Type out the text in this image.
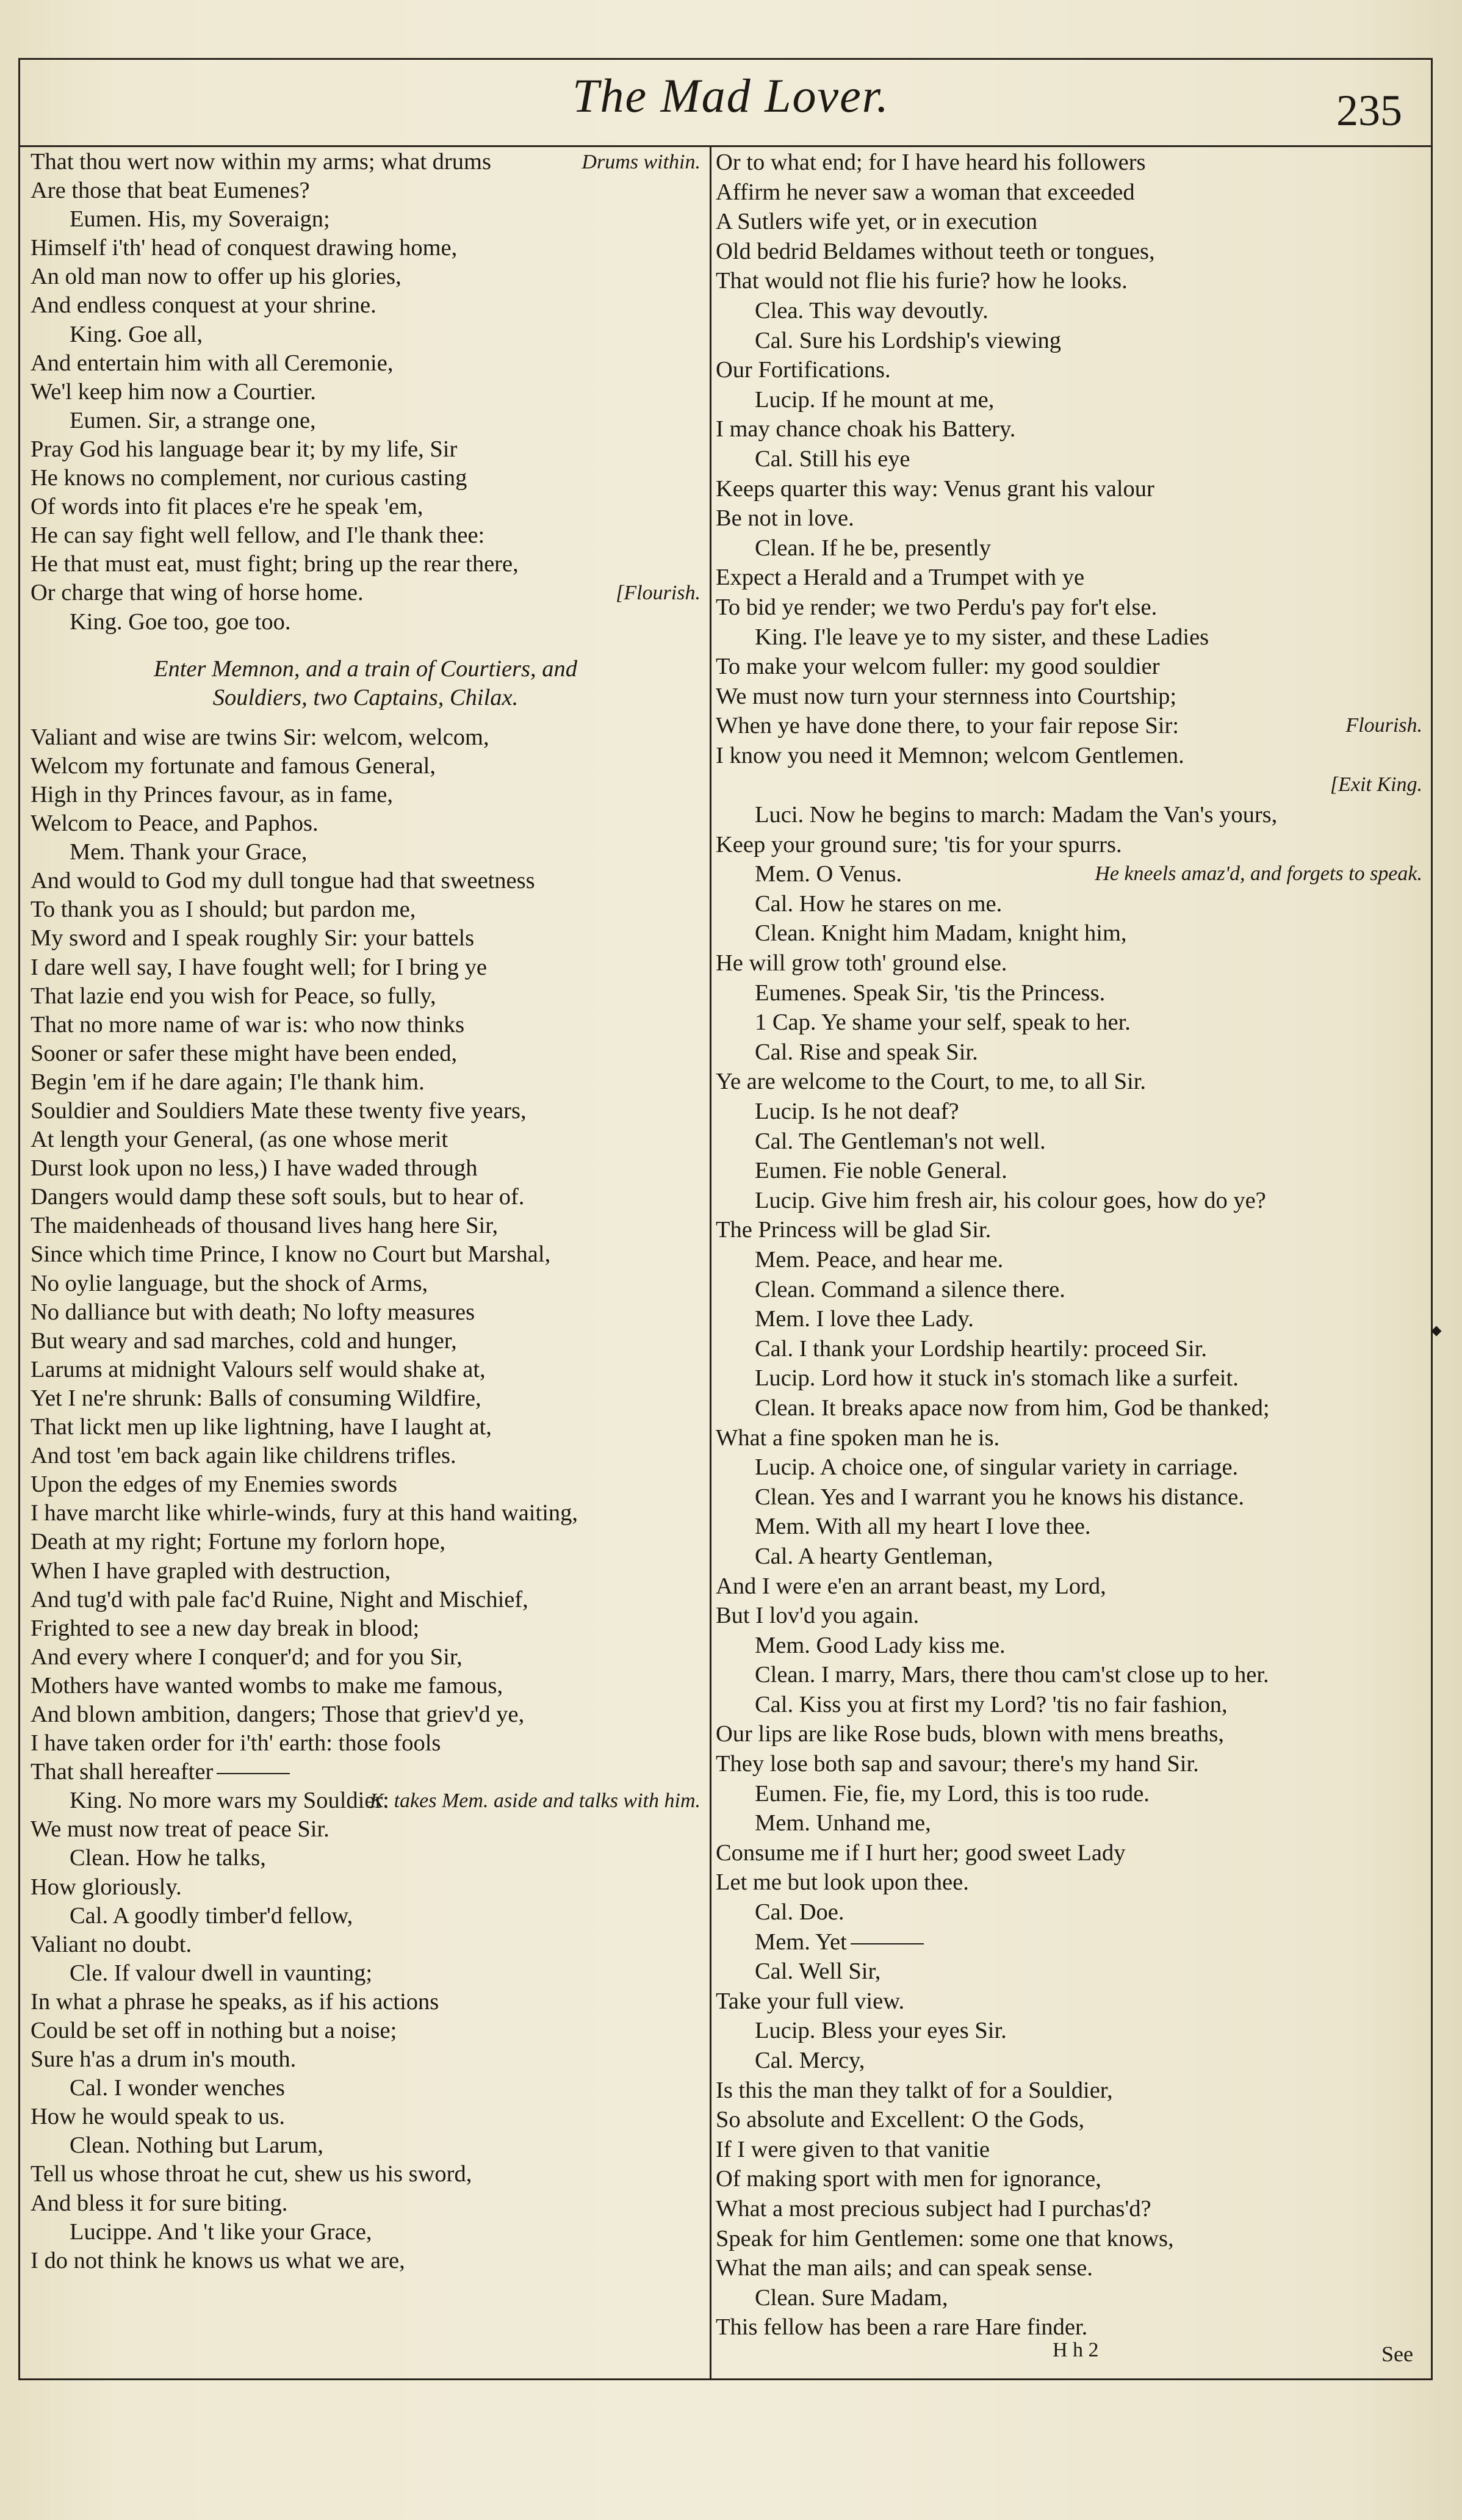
The Mad Lover.	235
That thou wert now within my arms; what drums	Drums within.
Are those that beat Eumenes?
Eumen. His, my Soveraign;
Himself i'th' head of conquest drawing home,
An old man now to offer up his glories,
And endless conquest at your shrine.
King. Goe all,
And entertain him with all Ceremonie,
We'l keep him now a Courtier.
Eumen. Sir, a strange one,
Pray God his language bear it; by my life, Sir
He knows no complement, nor curious casting
Of words into fit places e're he speak 'em,
He can say fight well fellow, and I'le thank thee:
He that must eat, must fight; bring up the rear there,
Or charge that wing of horse home.	[Flourish.
King. Goe too, goe too.
Enter Memnon, and a train of Courtiers, and
Souldiers, two Captains, Chilax.
Valiant and wise are twins Sir: welcom, welcom,
Welcom my fortunate and famous General,
High in thy Princes favour, as in fame,
Welcom to Peace, and Paphos.
Mem. Thank your Grace,
And would to God my dull tongue had that sweetness
To thank you as I should; but pardon me,
My sword and I speak roughly Sir: your battels
I dare well say, I have fought well; for I bring ye
That lazie end you wish for Peace, so fully,
That no more name of war is: who now thinks
Sooner or safer these might have been ended,
Begin 'em if he dare again; I'le thank him.
Souldier and Souldiers Mate these twenty five years,
At length your General, (as one whose merit
Durst look upon no less,) I have waded through
Dangers would damp these soft souls, but to hear of.
The maidenheads of thousand lives hang here Sir,
Since which time Prince, I know no Court but Marshal,
No oylie language, but the shock of Arms,
No dalliance but with death; No lofty measures
But weary and sad marches, cold and hunger,
Larums at midnight Valours self would shake at,
Yet I ne're shrunk: Balls of consuming Wildfire,
That lickt men up like lightning, have I laught at,
And tost 'em back again like childrens trifles.
Upon the edges of my Enemies swords
I have marcht like whirle-winds, fury at this hand waiting,
Death at my right; Fortune my forlorn hope,
When I have grapled with destruction,
And tug'd with pale fac'd Ruine, Night and Mischief,
Frighted to see a new day break in blood;
And every where I conquer'd; and for you Sir,
Mothers have wanted wombs to make me famous,
And blown ambition, dangers; Those that griev'd ye,
I have taken order for i'th' earth: those fools
That shall hereafter
King. No more wars my Souldier:
K. takes Mem. aside and talks with him.
We must now treat of peace Sir.
Clean. How he talks,
How gloriously.
Cal. A goodly timber'd fellow,
Valiant no doubt.
Cle. If valour dwell in vaunting;
In what a phrase he speaks, as if his actions
Could be set off in nothing but a noise;
Sure h'as a drum in's mouth.
Cal. I wonder wenches
How he would speak to us.
Clean. Nothing but Larum,
Tell us whose throat he cut, shew us his sword,
And bless it for sure biting.
Lucippe. And 't like your Grace,
I do not think he knows us what we are,
Or to what end; for I have heard his followers
Affirm he never saw a woman that exceeded
A Sutlers wife yet, or in execution
Old bedrid Beldames without teeth or tongues,
That would not flie his furie? how he looks.
Clea. This way devoutly.
Cal. Sure his Lordship's viewing
Our Fortifications.
Lucip. If he mount at me,
I may chance choak his Battery.
Cal. Still his eye
Keeps quarter this way: Venus grant his valour
Be not in love.
Clean. If he be, presently
Expect a Herald and a Trumpet with ye
To bid ye render; we two Perdu's pay for't else.
King. I'le leave ye to my sister, and these Ladies
To make your welcom fuller: my good souldier
We must now turn your sternness into Courtship;
When ye have done there, to your fair repose Sir:	Flourish.
I know you need it Memnon; welcom Gentlemen.
[Exit King.
Luci. Now he begins to march: Madam the Van's yours,
Keep your ground sure; 'tis for your spurrs.
Mem. O Venus.	He kneels amaz'd, and forgets to speak.
Cal. How he stares on me.
Clean. Knight him Madam, knight him,
He will grow toth' ground else.
Eumenes. Speak Sir, 'tis the Princess.
1 Cap. Ye shame your self, speak to her.
Cal. Rise and speak Sir.
Ye are welcome to the Court, to me, to all Sir.
Lucip. Is he not deaf?
Cal. The Gentleman's not well.
Eumen. Fie noble General.
Lucip. Give him fresh air, his colour goes, how do ye?
The Princess will be glad Sir.
Mem. Peace, and hear me.
Clean. Command a silence there.
Mem. I love thee Lady.
Cal. I thank your Lordship heartily: proceed Sir.
Lucip. Lord how it stuck in's stomach like a surfeit.
Clean. It breaks apace now from him, God be thanked;
What a fine spoken man he is.
Lucip. A choice one, of singular variety in carriage.
Clean. Yes and I warrant you he knows his distance.
Mem. With all my heart I love thee.
Cal. A hearty Gentleman,
And I were e'en an arrant beast, my Lord,
But I lov'd you again.
Mem. Good Lady kiss me.
Clean. I marry, Mars, there thou cam'st close up to her.
Cal. Kiss you at first my Lord? 'tis no fair fashion,
Our lips are like Rose buds, blown with mens breaths,
They lose both sap and savour; there's my hand Sir.
Eumen. Fie, fie, my Lord, this is too rude.
Mem. Unhand me,
Consume me if I hurt her; good sweet Lady
Let me but look upon thee.
Cal. Doe.
Mem. Yet
Cal. Well Sir,
Take your full view.
Lucip. Bless your eyes Sir.
Cal. Mercy,
Is this the man they talkt of for a Souldier,
So absolute and Excellent: O the Gods,
If I were given to that vanitie
Of making sport with men for ignorance,
What a most precious subject had I purchas'd?
Speak for him Gentlemen: some one that knows,
What the man ails; and can speak sense.
Clean. Sure Madam,
This fellow has been a rare Hare finder.
H h 2	See
